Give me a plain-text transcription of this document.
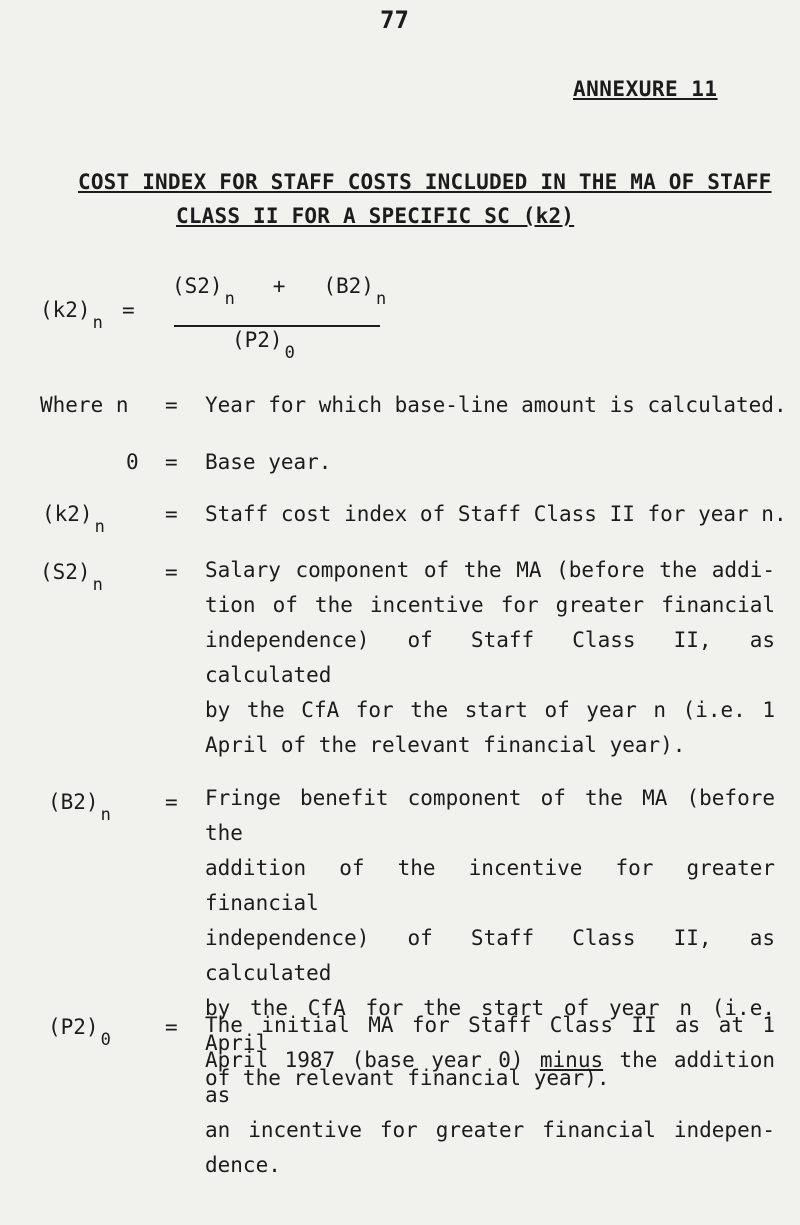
77
ANNEXURE 11
COST INDEX FOR STAFF COSTS INCLUDED IN THE MA OF STAFF
CLASS II FOR A SPECIFIC SC (k2)
$(k2)_n$
=
$(S2)_n + (B2)_n$
$(P2)_0$
Where n = Year for which base-line amount is calculated.
0 = Base year.
$(k2)_n$
= Staff cost index of Staff Class II for year n.
$(S2)_n$
= Salary component of the MA (before the addi-
tion of the incentive for greater financial
independence) of Staff Class II, as calculated
by the CfA for the start of year n (i.e. 1
April of the relevant financial year).
$(B2)_n$
= Fringe benefit component of the MA (before the
addition of the incentive for greater financial
independence) of Staff Class II, as calculated
by the CfA for the start of year n (i.e. April
of the relevant financial year).
$(P2)_0$
= The initial MA for Staff Class II as at 1
April 1987 (base year 0) minus the addition as
an incentive for greater financial indepen-
dence.
